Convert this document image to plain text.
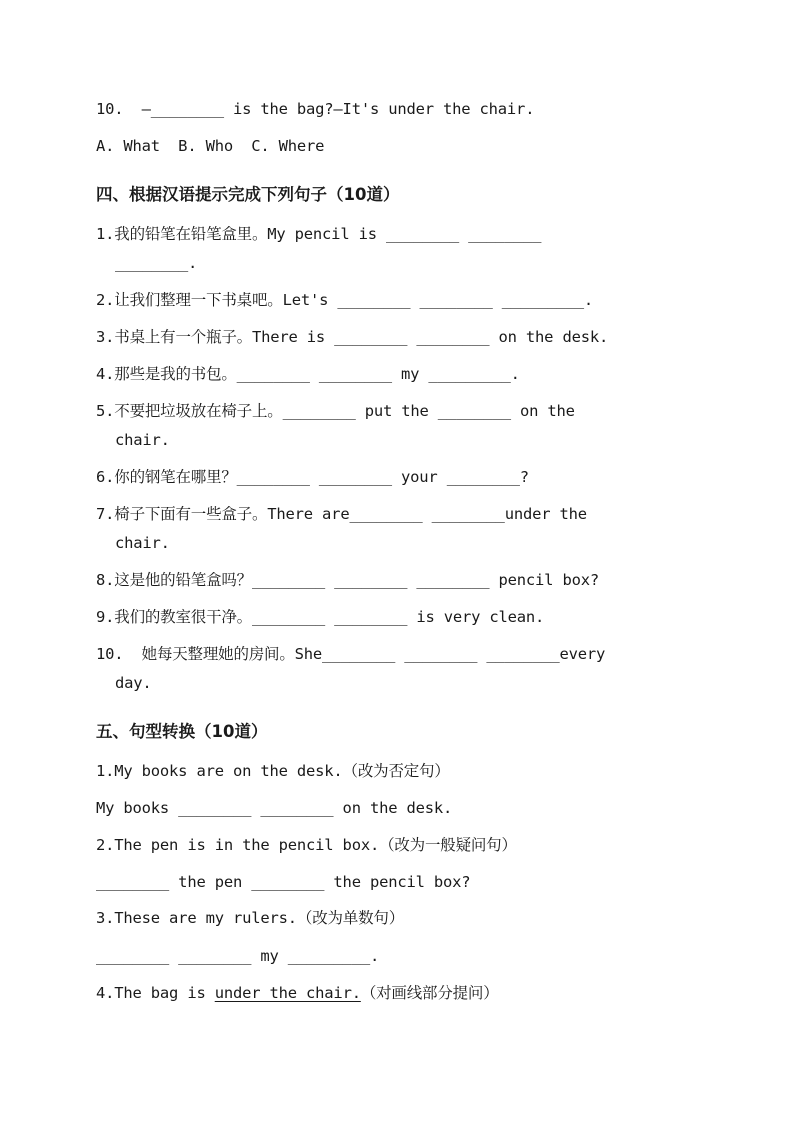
10.  —________ is the bag?—It's under the chair.
A. What  B. Who  C. Where
四、根据汉语提示完成下列句子（10道）
1.我的铅笔在铅笔盒里。My pencil is ________ ________
________.
2.让我们整理一下书桌吧。Let's ________ ________ _________.
3.书桌上有一个瓶子。There is ________ ________ on the desk.
4.那些是我的书包。________ ________ my _________.
5.不要把垃圾放在椅子上。________ put the ________ on the
chair.
6.你的钢笔在哪里？________ ________ your ________?
7.椅子下面有一些盒子。There are________ ________under the
chair.
8.这是他的铅笔盒吗？________ ________ ________ pencil box?
9.我们的教室很干净。________ ________ is very clean.
10.  她每天整理她的房间。She________ ________ ________every
day.
五、句型转换（10道）
1.My books are on the desk.（改为否定句）
My books ________ ________ on the desk.
2.The pen is in the pencil box.（改为一般疑问句）
________ the pen ________ the pencil box?
3.These are my rulers.（改为单数句）
________ ________ my _________.
4.The bag is under the chair.（对画线部分提问）
